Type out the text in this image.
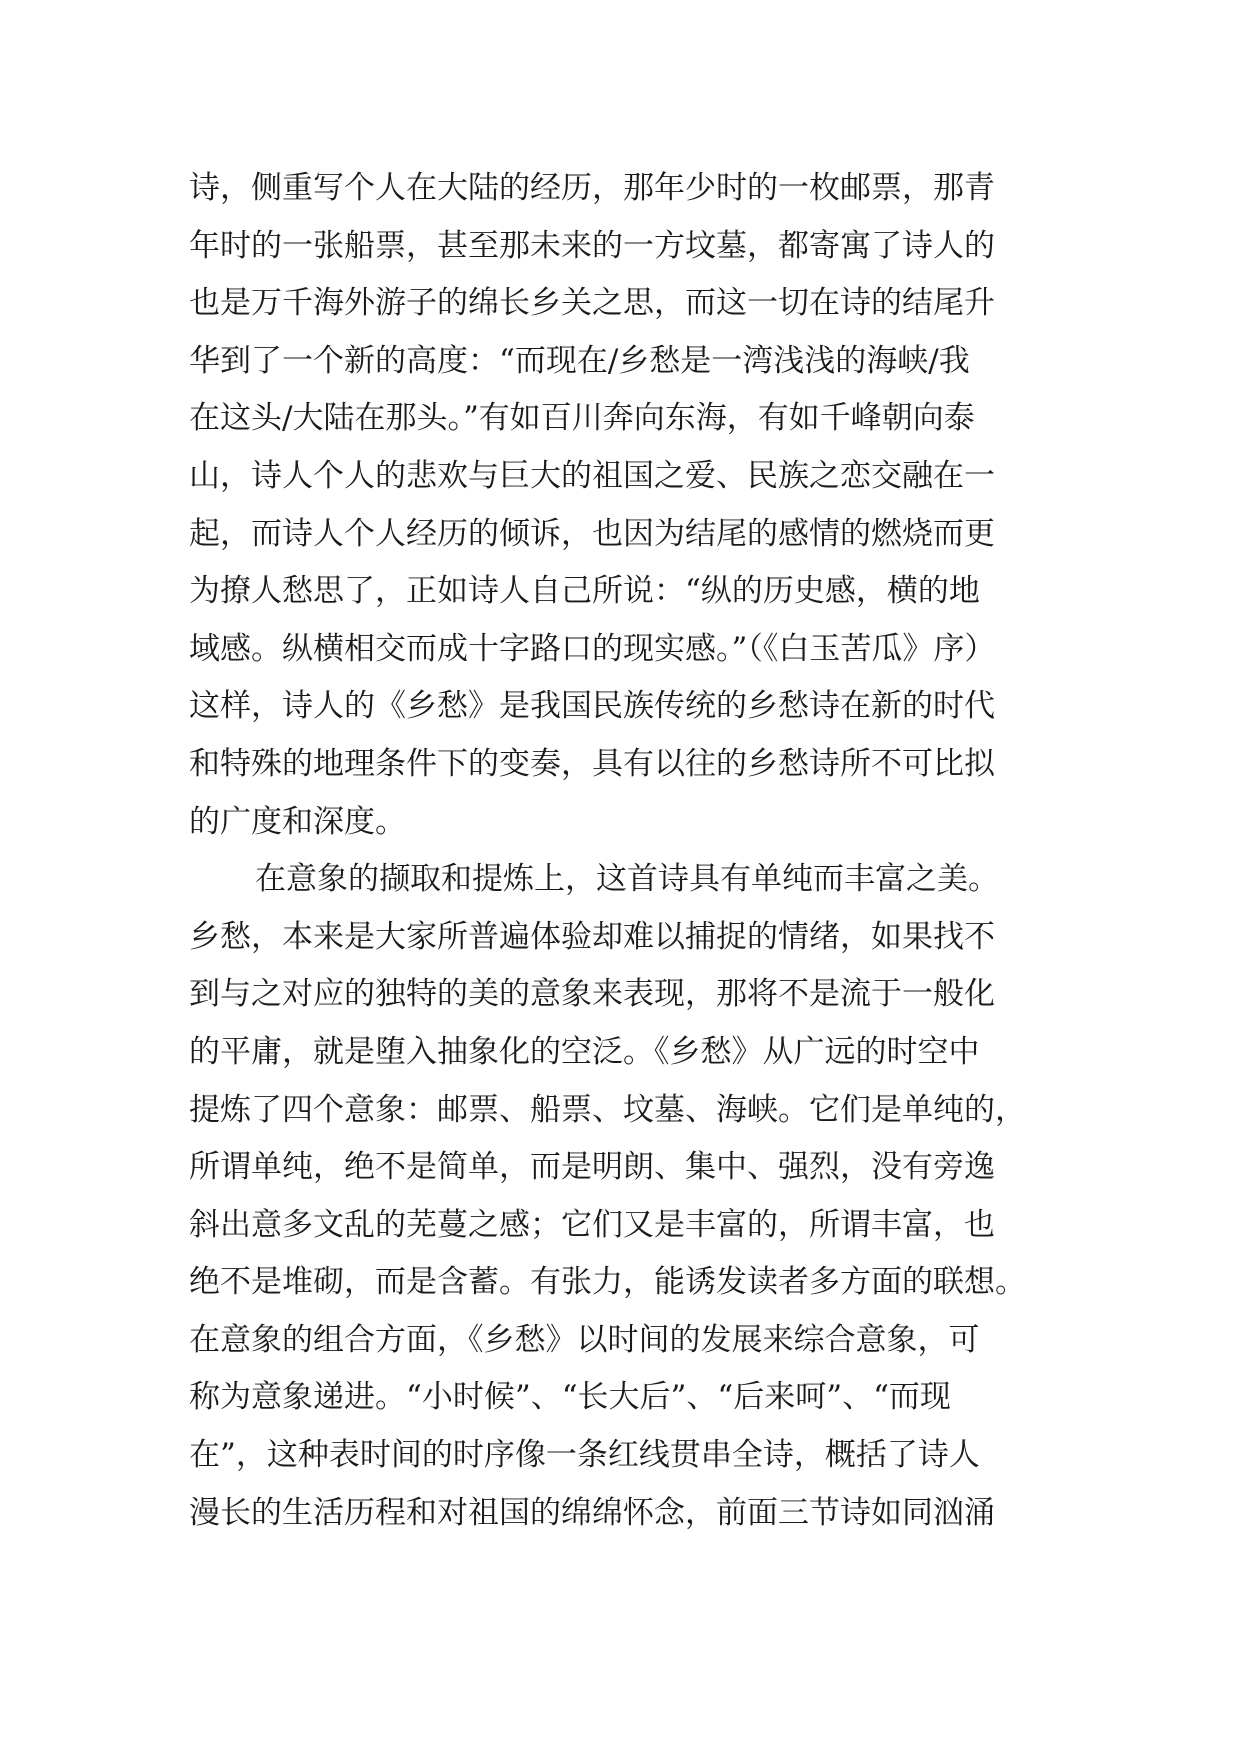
诗，侧重写个人在大陆的经历，那年少时的一枚邮票，那青
年时的一张船票，甚至那未来的一方坟墓，都寄寓了诗人的
也是万千海外游子的绵长乡关之思，而这一切在诗的结尾升
华到了一个新的高度：“而现在/乡愁是一湾浅浅的海峡/我
在这头/大陆在那头。”有如百川奔向东海，有如千峰朝向泰
山，诗人个人的悲欢与巨大的祖国之爱、民族之恋交融在一
起，而诗人个人经历的倾诉，也因为结尾的感情的燃烧而更
为撩人愁思了，正如诗人自己所说：“纵的历史感，横的地
域感。纵横相交而成十字路口的现实感。”（《白玉苦瓜》序）
这样，诗人的《乡愁》是我国民族传统的乡愁诗在新的时代
和特殊的地理条件下的变奏，具有以往的乡愁诗所不可比拟
的广度和深度。
在意象的撷取和提炼上，这首诗具有单纯而丰富之美。
乡愁，本来是大家所普遍体验却难以捕捉的情绪，如果找不
到与之对应的独特的美的意象来表现，那将不是流于一般化
的平庸，就是堕入抽象化的空泛。《乡愁》从广远的时空中
提炼了四个意象：邮票、船票、坟墓、海峡。它们是单纯的，
所谓单纯，绝不是简单，而是明朗、集中、强烈，没有旁逸
斜出意多文乱的芜蔓之感；它们又是丰富的，所谓丰富，也
绝不是堆砌，而是含蓄。有张力，能诱发读者多方面的联想。
在意象的组合方面，《乡愁》以时间的发展来综合意象，可
称为意象递进。“小时候”、“长大后”、“后来呵”、“而现
在”，这种表时间的时序像一条红线贯串全诗，概括了诗人
漫长的生活历程和对祖国的绵绵怀念，前面三节诗如同汹涌
